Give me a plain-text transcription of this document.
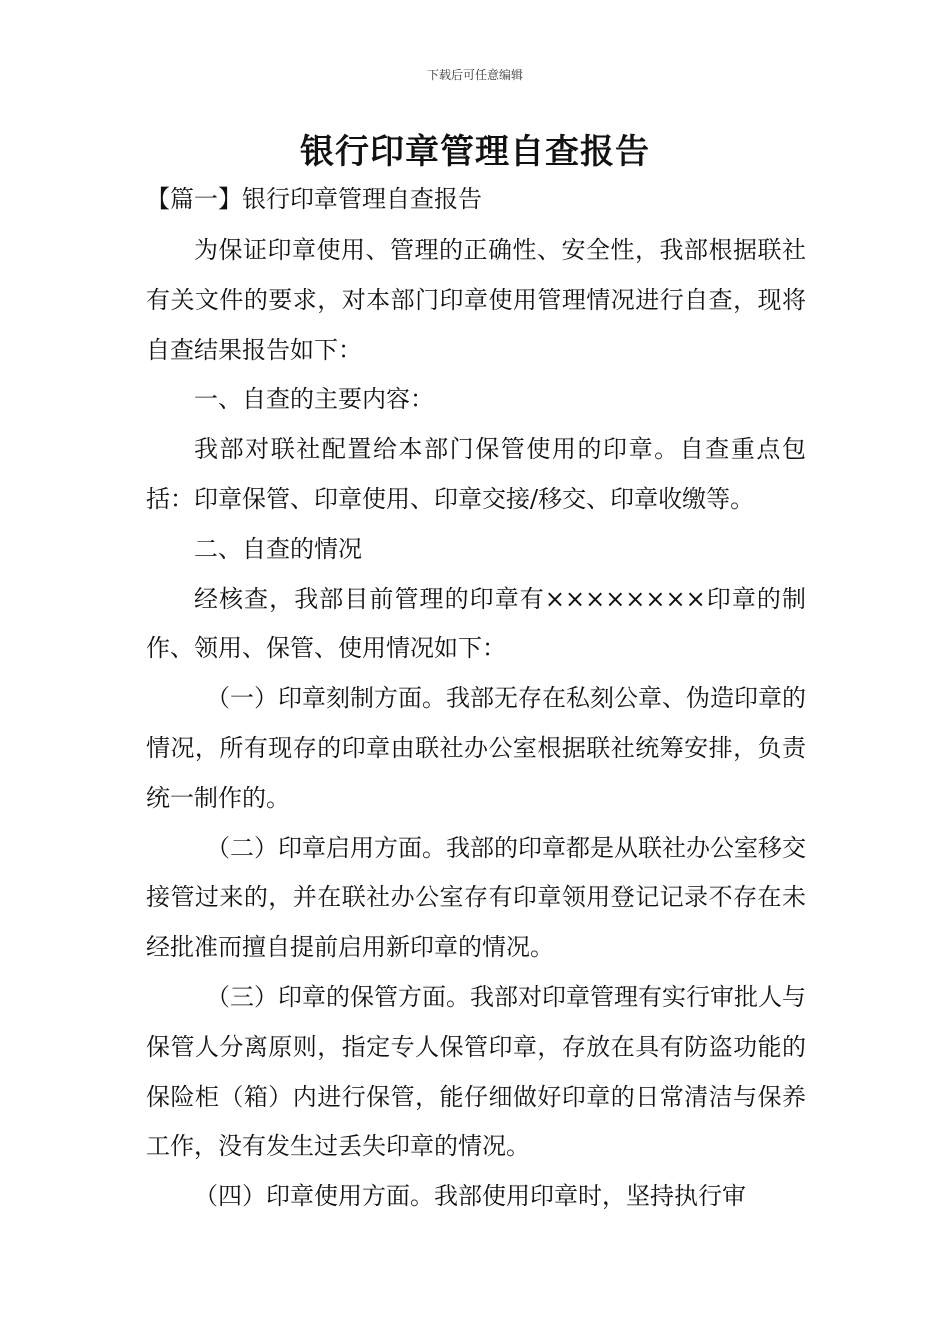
下载后可任意编辑
银行印章管理自查报告
【篇一】银行印章管理自查报告

为保证印章使用、管理的正确性、安全性，我部根据联社有关文件的要求，对本部门印章使用管理情况进行自查，现将自查结果报告如下：

一、自查的主要内容：

我部对联社配置给本部门保管使用的印章。自查重点包括：印章保管、印章使用、印章交接/移交、印章收缴等。

二、自查的情况

经核查，我部目前管理的印章有××××××××印章的制作、领用、保管、使用情况如下：

（一）印章刻制方面。我部无存在私刻公章、伪造印章的情况，所有现存的印章由联社办公室根据联社统筹安排，负责统一制作的。

（二）印章启用方面。我部的印章都是从联社办公室移交接管过来的，并在联社办公室存有印章领用登记记录不存在未经批准而擅自提前启用新印章的情况。

（三）印章的保管方面。我部对印章管理有实行审批人与保管人分离原则，指定专人保管印章，存放在具有防盗功能的保险柜（箱）内进行保管，能仔细做好印章的日常清洁与保养工作，没有发生过丢失印章的情况。

（四）印章使用方面。我部使用印章时，坚持执行审
